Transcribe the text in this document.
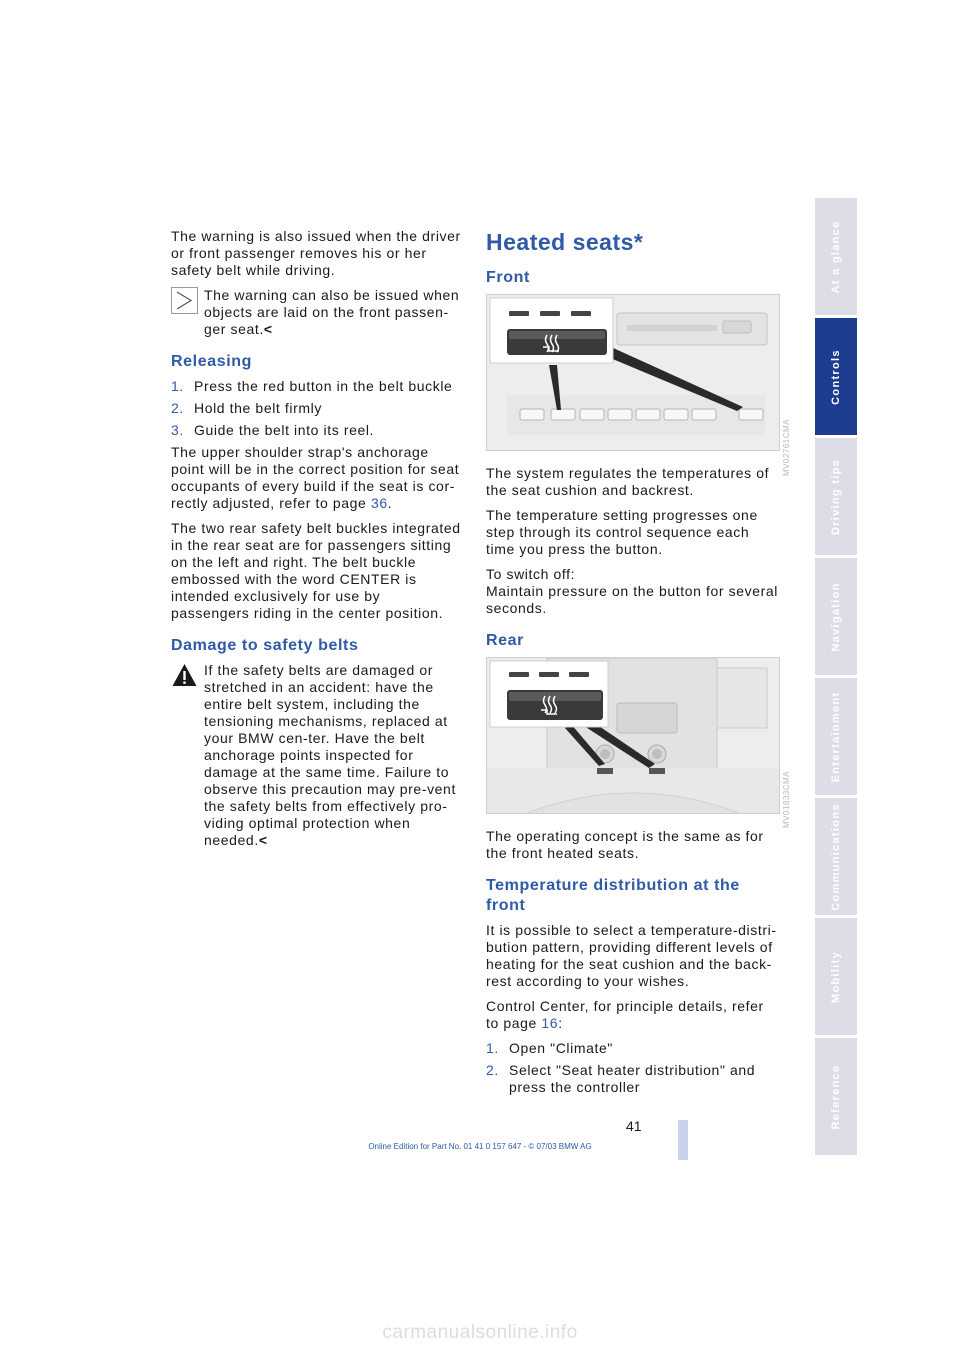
The warning is also issued when the driver or front passenger removes his or her safety belt while driving.

The warning can also be issued when objects are laid on the front passen-ger seat.<

Releasing
1. Press the red button in the belt buckle
2. Hold the belt firmly
3. Guide the belt into its reel.

The upper shoulder strap's anchorage point will be in the correct position for seat occupants of every build if the seat is cor-rectly adjusted, refer to page 36.

The two rear safety belt buckles integrated in the rear seat are for passengers sitting on the left and right. The belt buckle embossed with the word CENTER is intended exclusively for use by passengers riding in the center position.

Damage to safety belts

If the safety belts are damaged or stretched in an accident: have the entire belt system, including the tensioning mechanisms, replaced at your BMW cen-ter. Have the belt anchorage points inspected for damage at the same time. Failure to observe this precaution may pre-vent the safety belts from effectively pro-viding optimal protection when needed.<

Heated seats*
Front
MV02761CMA

The system regulates the temperatures of the seat cushion and backrest.

The temperature setting progresses one step through its control sequence each time you press the button.

To switch off:
Maintain pressure on the button for several seconds.

Rear
MV01833CMA

The operating concept is the same as for the front heated seats.

Temperature distribution at the front

It is possible to select a temperature-distri-bution pattern, providing different levels of heating for the seat cushion and the back-rest according to your wishes.

Control Center, for principle details, refer to page 16:

1. Open "Climate"
2. Select "Seat heater distribution" and press the controller
At a glance
Controls
Driving tips
Navigation
Entertainment
Communications
Mobility
Reference
41
Online Edition for Part No. 01 41 0 157 647 - © 07/03 BMW AG
carmanualsonline.info
